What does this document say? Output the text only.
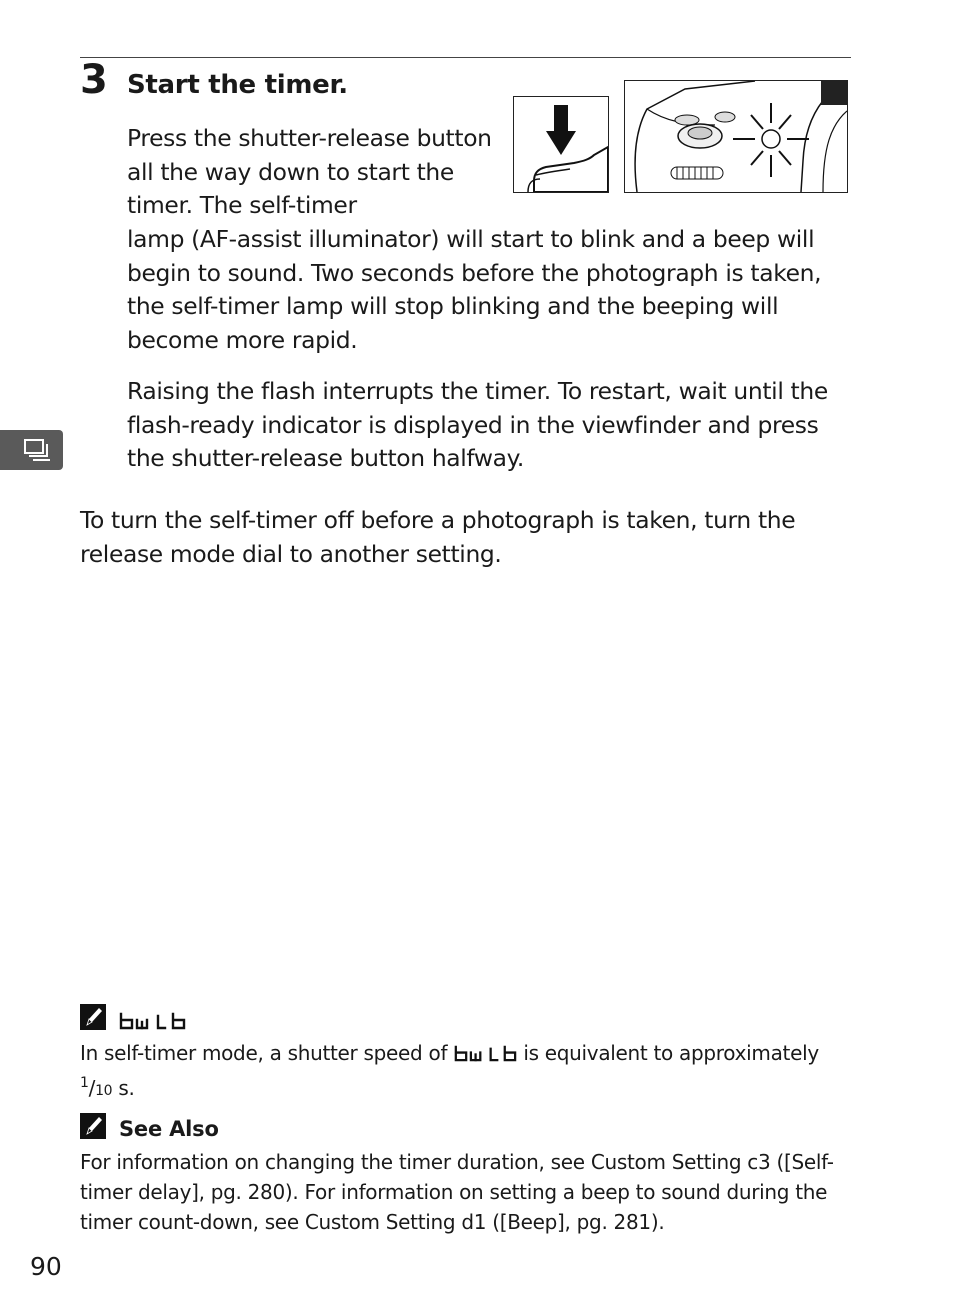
3 Start the timer.

Press the shutter-release button all the way down to start the timer. The self-timer

lamp (AF-assist illuminator) will start to blink and a beep will begin to sound. Two seconds before the photograph is taken, the self-timer lamp will stop blinking and the beeping will become more rapid.

Raising the flash interrupts the timer. To restart, wait until the flash-ready indicator is displayed in the viewfinder and press the shutter-release button halfway.

To turn the self-timer off before a photograph is taken, turn the release mode dial to another setting.

In self-timer mode, a shutter speed of	is equivalent to approximately $^1$/10 s.

See Also

For information on changing the timer duration, see Custom Setting c3 ([Self-timer delay], pg. 280). For information on setting a beep to sound during the timer count-down, see Custom Setting d1 ([Beep], pg. 281).

90
